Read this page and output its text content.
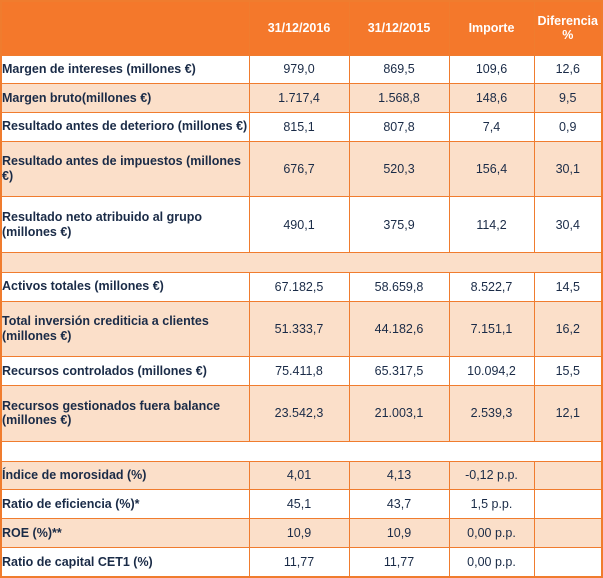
	31/12/2016	31/12/2015	Importe	Diferencia %
Margen de intereses (millones €)	979,0	869,5	109,6	12,6
Margen bruto(millones €)	1.717,4	1.568,8	148,6	9,5
Resultado antes de deterioro (millones €)	815,1	807,8	7,4	0,9
Resultado antes de impuestos (millones €)	676,7	520,3	156,4	30,1
Resultado neto atribuido al grupo (millones €)	490,1	375,9	114,2	30,4

Activos totales (millones €)	67.182,5	58.659,8	8.522,7	14,5
Total inversión crediticia a clientes (millones €)	51.333,7	44.182,6	7.151,1	16,2
Recursos controlados (millones €)	75.411,8	65.317,5	10.094,2	15,5
Recursos gestionados fuera balance (millones €)	23.542,3	21.003,1	2.539,3	12,1

Índice de morosidad (%)	4,01	4,13	-0,12 p.p.	
Ratio de eficiencia (%)*	45,1	43,7	1,5 p.p.	
ROE (%)**	10,9	10,9	0,00 p.p.	
Ratio de capital CET1 (%)	11,77	11,77	0,00 p.p.	
